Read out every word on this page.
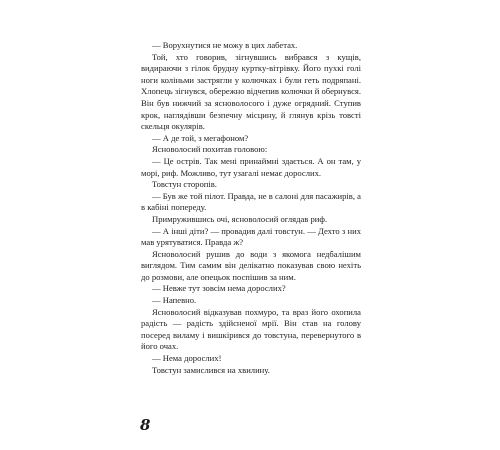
— Ворухнутися не можу в цих лабетах.

Той, хто говорив, зігнувшись вибрався з кущів, видираючи з гілок брудну куртку-вітрівку. Його пухкі голі ноги коліньми застрягли у колючках і були геть подряпані. Хлопець зігнувся, обережно відчепив колючки й обернувся. Він був нижчий за ясноволосого і дуже огрядний. Ступив крок, наглядівши безпечну місцину, й глянув крізь товсті скельця окулярів.

— А де той, з мегафоном?

Ясноволосий похитав головою:

— Це острів. Так мені принаймні здається. А он там, у морі, риф. Можливо, тут узагалі немає дорослих.

Товстун сторопів.

— Був же той пілот. Правда, не в салоні для пасажирів, а в кабіні попереду.

Примружившись очі, ясноволосий оглядав риф.

— А інші діти? — провадив далі товстун. — Дехто з них мав урятуватися. Правда ж?

Ясноволосий рушив до води з якомога недбалішим виглядом. Тим самим він делікатно показував свою нехіть до розмови, але опецьок поспішив за ним.

— Невже тут зовсім нема дорослих?

— Напевно.

Ясноволосий відказував похмуро, та враз його охопила радість — радість здійсненої мрії. Він став на голову посеред виламу і вишкірився до товстуна, перевернутого в його очах.

— Нема дорослих!

Товстун замислився на хвилину.

8
